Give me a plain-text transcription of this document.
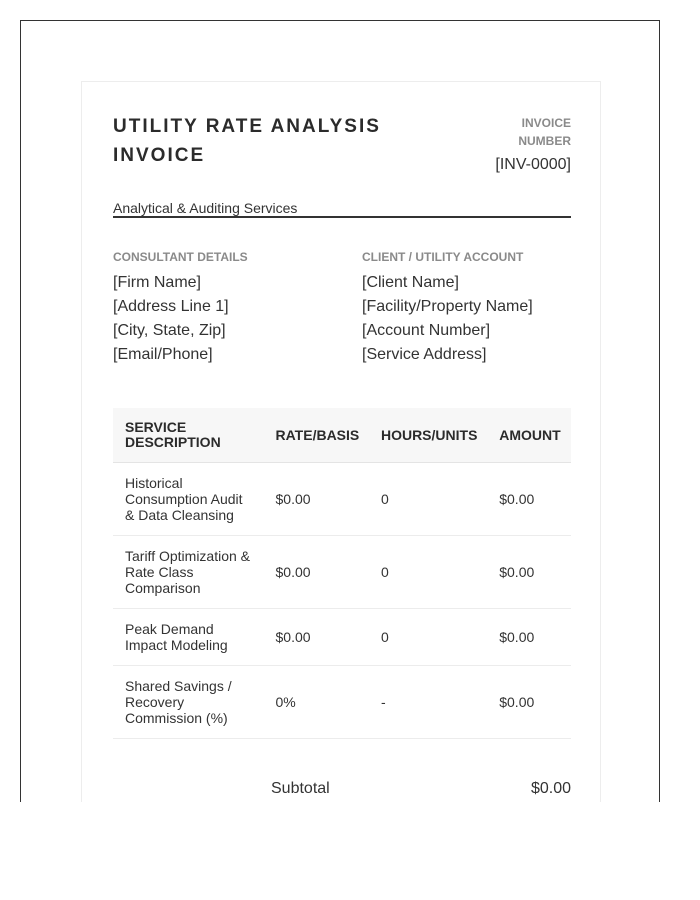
UTILITY RATE ANALYSIS INVOICE
Analytical & Auditing Services
INVOICE NUMBER
[INV-0000]
CONSULTANT DETAILS
[Firm Name]
[Address Line 1]
[City, State, Zip]
[Email/Phone]
CLIENT / UTILITY ACCOUNT
[Client Name]
[Facility/Property Name]
[Account Number]
[Service Address]
SERVICE DESCRIPTION	RATE/BASIS	HOURS/UNITS	AMOUNT

Historical Consumption Audit & Data Cleansing	$0.00	0	$0.00

Tariff Optimization & Rate Class Comparison	$0.00	0	$0.00

Peak Demand Impact Modeling	$0.00	0	$0.00

Shared Savings / Recovery Commission (%)	0%	-	$0.00
Subtotal	$0.00
